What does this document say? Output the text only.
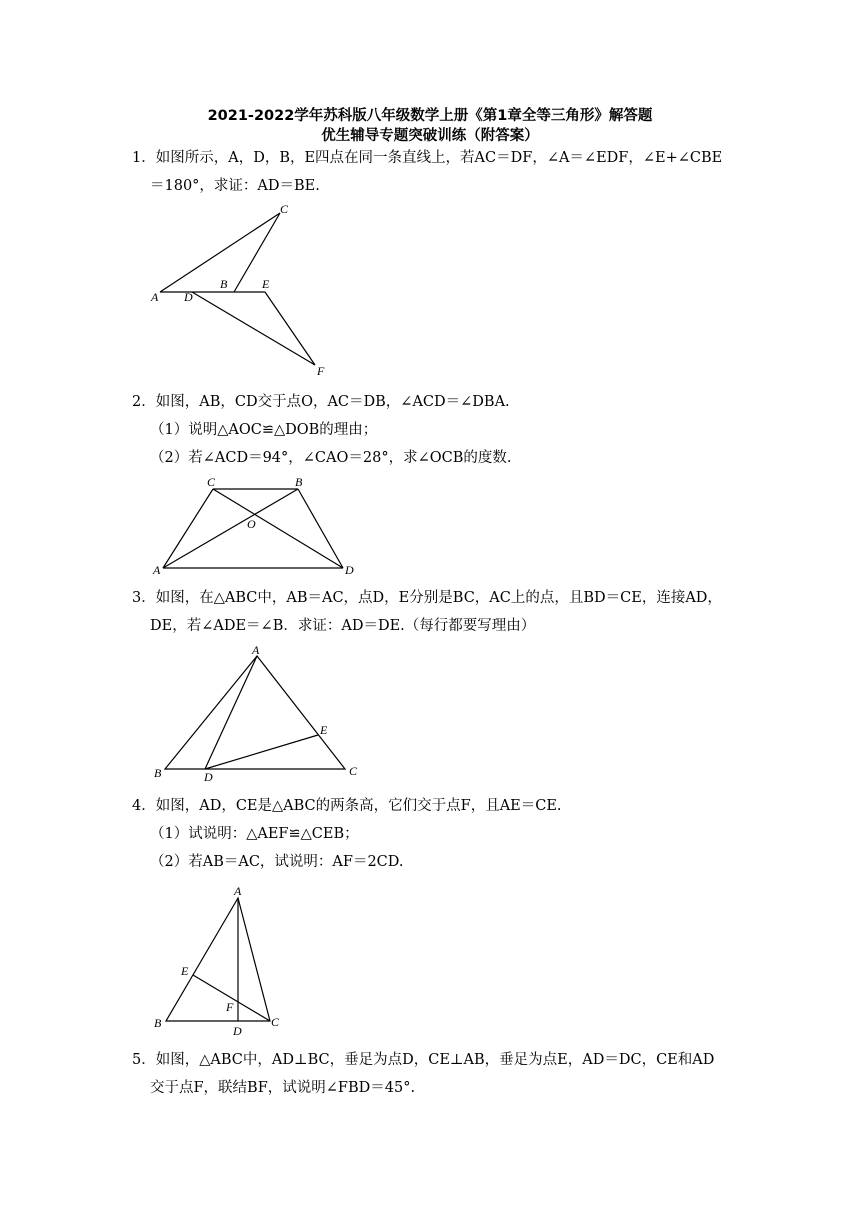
2021-2022学年苏科版八年级数学上册《第1章全等三角形》解答题
优生辅导专题突破训练（附答案）
1．如图所示，A，D，B，E四点在同一条直线上，若AC＝DF，∠A＝∠EDF，∠E+∠CBE
＝180°，求证：AD＝BE.
C
A D
B	E
F
2．如图，AB，CD交于点O，AC＝DB，∠ACD＝∠DBA.
（1）说明△AOC≌△DOB的理由；
（2）若∠ACD＝94°，∠CAO＝28°，求∠OCB的度数.
C	B
O
A	D
3．如图，在△ABC中，AB＝AC，点D，E分别是BC，AC上的点，且BD＝CE，连接AD，
DE，若∠ADE＝∠B．求证：AD＝DE.（每行都要写理由）
A
E
B	D	C
4．如图，AD，CE是△ABC的两条高，它们交于点F，且AE＝CE.
（1）试说明：△AEF≌△CEB；
（2）若AB＝AC，试说明：AF＝2CD.
A
E
F
B
D
C
5．如图，△ABC中，AD⊥BC，垂足为点D，CE⊥AB，垂足为点E，AD＝DC，CE和AD
交于点F，联结BF，试说明∠FBD＝45°.
